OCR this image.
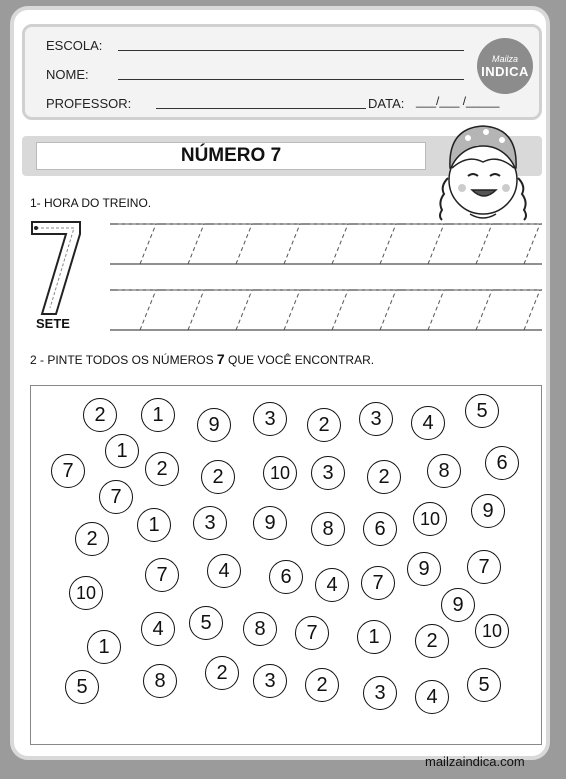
ESCOLA:
NOME:
PROFESSOR:	DATA: ___/___ /_____
Mailza
INDICA
NÚMERO 7
1- HORA DO TREINO.
SETE
2 - PINTE TODOS OS NÚMEROS 7 QUE VOCÊ ENCONTRAR.
2	1	9	3	2	3	4
5
1
7	2	2	10	3	2	8	6
7
1	3	9	8	6	10	9
2
7	4	6	4	7
9	7
10
9
4	5	8	7	1	2	10
1
8	2	3	2	3	4
5
5
mailzaindica.com
